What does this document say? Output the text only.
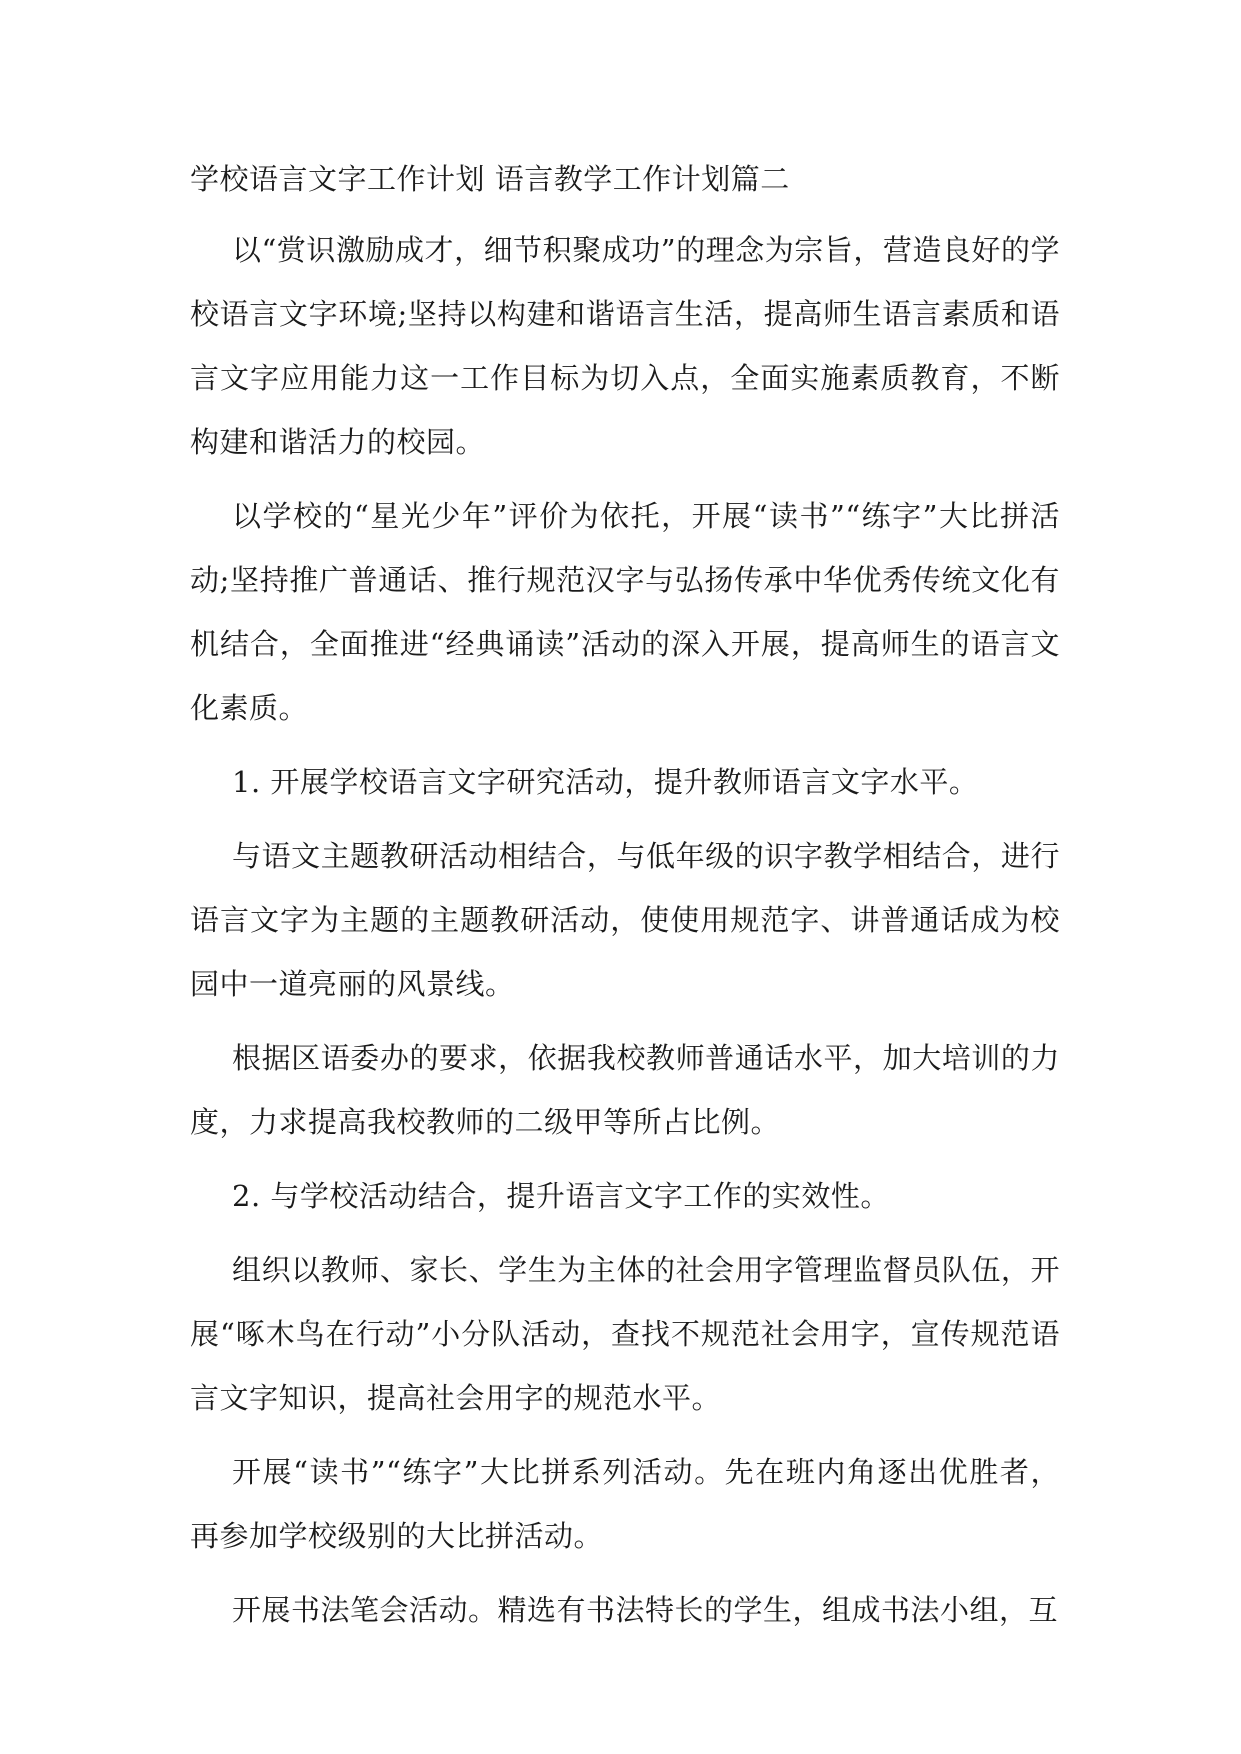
学校语言文字工作计划 语言教学工作计划篇二

以“赏识激励成才，细节积聚成功”的理念为宗旨，营造良好的学校语言文字环境;坚持以构建和谐语言生活，提高师生语言素质和语言文字应用能力这一工作目标为切入点，全面实施素质教育，不断构建和谐活力的校园。

以学校的“星光少年”评价为依托，开展“读书”“练字”大比拼活动;坚持推广普通话、推行规范汉字与弘扬传承中华优秀传统文化有机结合，全面推进“经典诵读”活动的深入开展，提高师生的语言文化素质。

1. 开展学校语言文字研究活动，提升教师语言文字水平。

与语文主题教研活动相结合，与低年级的识字教学相结合，进行语言文字为主题的主题教研活动，使使用规范字、讲普通话成为校园中一道亮丽的风景线。

根据区语委办的要求，依据我校教师普通话水平，加大培训的力度，力求提高我校教师的二级甲等所占比例。

2. 与学校活动结合，提升语言文字工作的实效性。

组织以教师、家长、学生为主体的社会用字管理监督员队伍，开展“啄木鸟在行动”小分队活动，查找不规范社会用字，宣传规范语言文字知识，提高社会用字的规范水平。

开展“读书”“练字”大比拼系列活动。先在班内角逐出优胜者，再参加学校级别的大比拼活动。

开展书法笔会活动。精选有书法特长的学生，组成书法小组，互
